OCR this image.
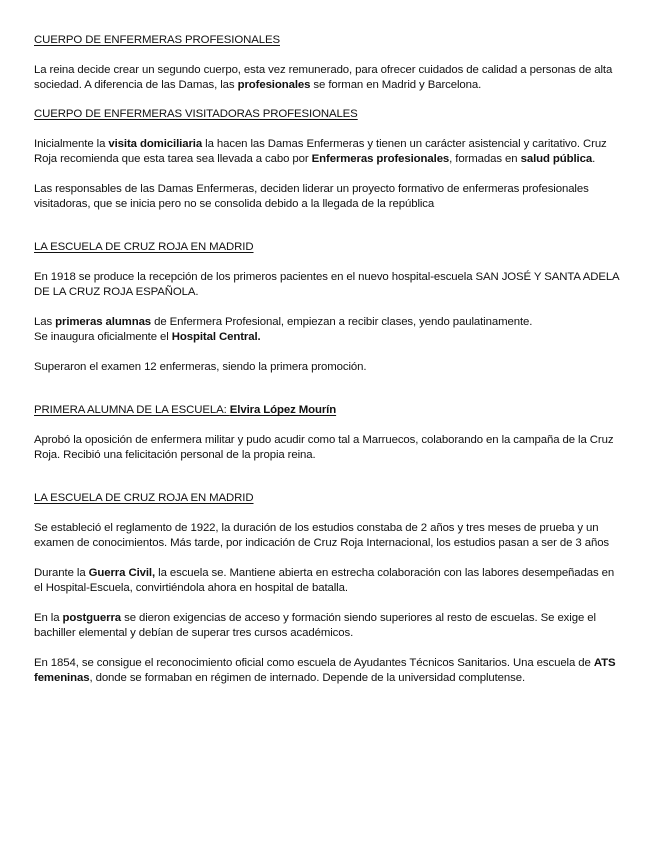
CUERPO DE ENFERMERAS PROFESIONALES

La reina decide crear un segundo cuerpo, esta vez remunerado, para ofrecer cuidados de calidad a personas de alta sociedad. A diferencia de las Damas, las profesionales se forman en Madrid y Barcelona.

CUERPO DE ENFERMERAS VISITADORAS PROFESIONALES

Inicialmente la visita domiciliaria la hacen las Damas Enfermeras y tienen un carácter asistencial y caritativo. Cruz Roja recomienda que esta tarea sea llevada a cabo por Enfermeras profesionales, formadas en salud pública.

Las responsables de las Damas Enfermeras, deciden liderar un proyecto formativo de enfermeras profesionales visitadoras, que se inicia pero no se consolida debido a la llegada de la república

LA ESCUELA DE CRUZ ROJA EN MADRID

En 1918 se produce la recepción de los primeros pacientes en el nuevo hospital-escuela SAN JOSÉ Y SANTA ADELA DE LA CRUZ ROJA ESPAÑOLA.

Las primeras alumnas de Enfermera Profesional, empiezan a recibir clases, yendo paulatinamente.
Se inaugura oficialmente el Hospital Central.

Superaron el examen 12 enfermeras, siendo la primera promoción.

PRIMERA ALUMNA DE LA ESCUELA: Elvira López Mourín

Aprobó la oposición de enfermera militar y pudo acudir como tal a Marruecos, colaborando en la campaña de la Cruz Roja. Recibió una felicitación personal de la propia reina.

LA ESCUELA DE CRUZ ROJA EN MADRID

Se estableció el reglamento de 1922, la duración de los estudios constaba de 2 años y tres meses de prueba y un examen de conocimientos. Más tarde, por indicación de Cruz Roja Internacional, los estudios pasan a ser de 3 años

Durante la Guerra Civil, la escuela se. Mantiene abierta en estrecha colaboración con las labores desempeñadas en el Hospital-Escuela, convirtiéndola ahora en hospital de batalla.

En la postguerra se dieron exigencias de acceso y formación siendo superiores al resto de escuelas. Se exige el bachiller elemental y debían de superar tres cursos académicos.

En 1854, se consigue el reconocimiento oficial como escuela de Ayudantes Técnicos Sanitarios. Una escuela de ATS femeninas, donde se formaban en régimen de internado. Depende de la universidad complutense.
